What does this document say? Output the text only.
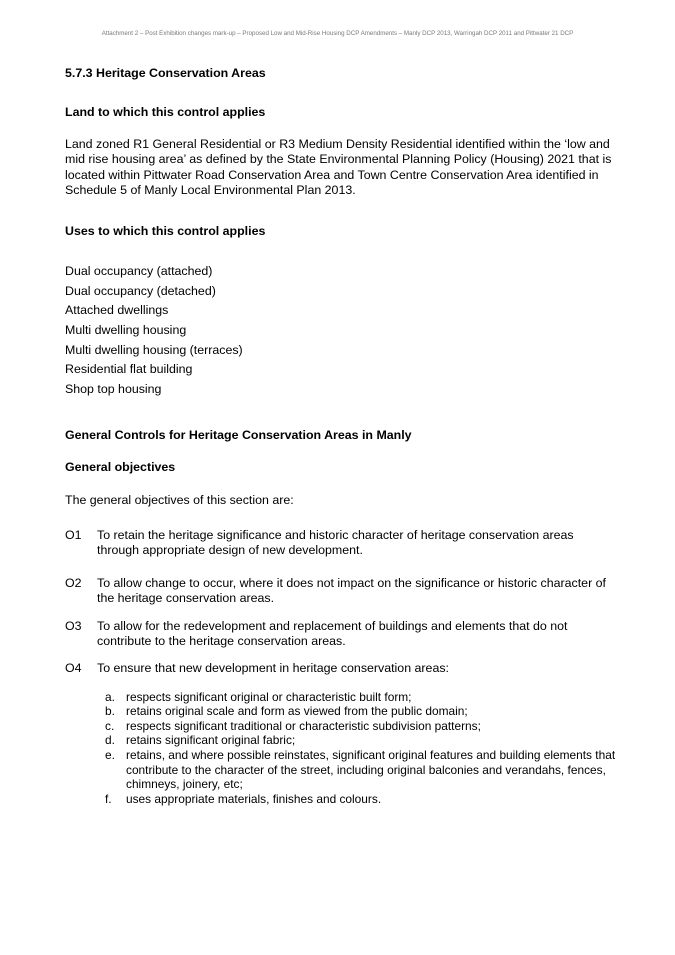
Attachment 2 – Post Exhibition changes mark-up – Proposed Low and Mid-Rise Housing DCP Amendments – Manly DCP 2013, Warringah DCP 2011 and Pittwater 21 DCP
5.7.3 Heritage Conservation Areas
Land to which this control applies
Land zoned R1 General Residential or R3 Medium Density Residential identified within the ‘low and mid rise housing area’ as defined by the State Environmental Planning Policy (Housing) 2021 that is located within Pittwater Road Conservation Area and Town Centre Conservation Area identified in Schedule 5 of Manly Local Environmental Plan 2013.
Uses to which this control applies
Dual occupancy (attached)
Dual occupancy (detached)
Attached dwellings
Multi dwelling housing
Multi dwelling housing (terraces)
Residential flat building
Shop top housing
General Controls for Heritage Conservation Areas in Manly
General objectives
The general objectives of this section are:
O1 To retain the heritage significance and historic character of heritage conservation areas through appropriate design of new development.
O2 To allow change to occur, where it does not impact on the significance or historic character of the heritage conservation areas.
O3 To allow for the redevelopment and replacement of buildings and elements that do not contribute to the heritage conservation areas.
O4 To ensure that new development in heritage conservation areas:
a. respects significant original or characteristic built form;
b. retains original scale and form as viewed from the public domain;
c. respects significant traditional or characteristic subdivision patterns;
d. retains significant original fabric;
e. retains, and where possible reinstates, significant original features and building elements that contribute to the character of the street, including original balconies and verandahs, fences, chimneys, joinery, etc;
f. uses appropriate materials, finishes and colours.
